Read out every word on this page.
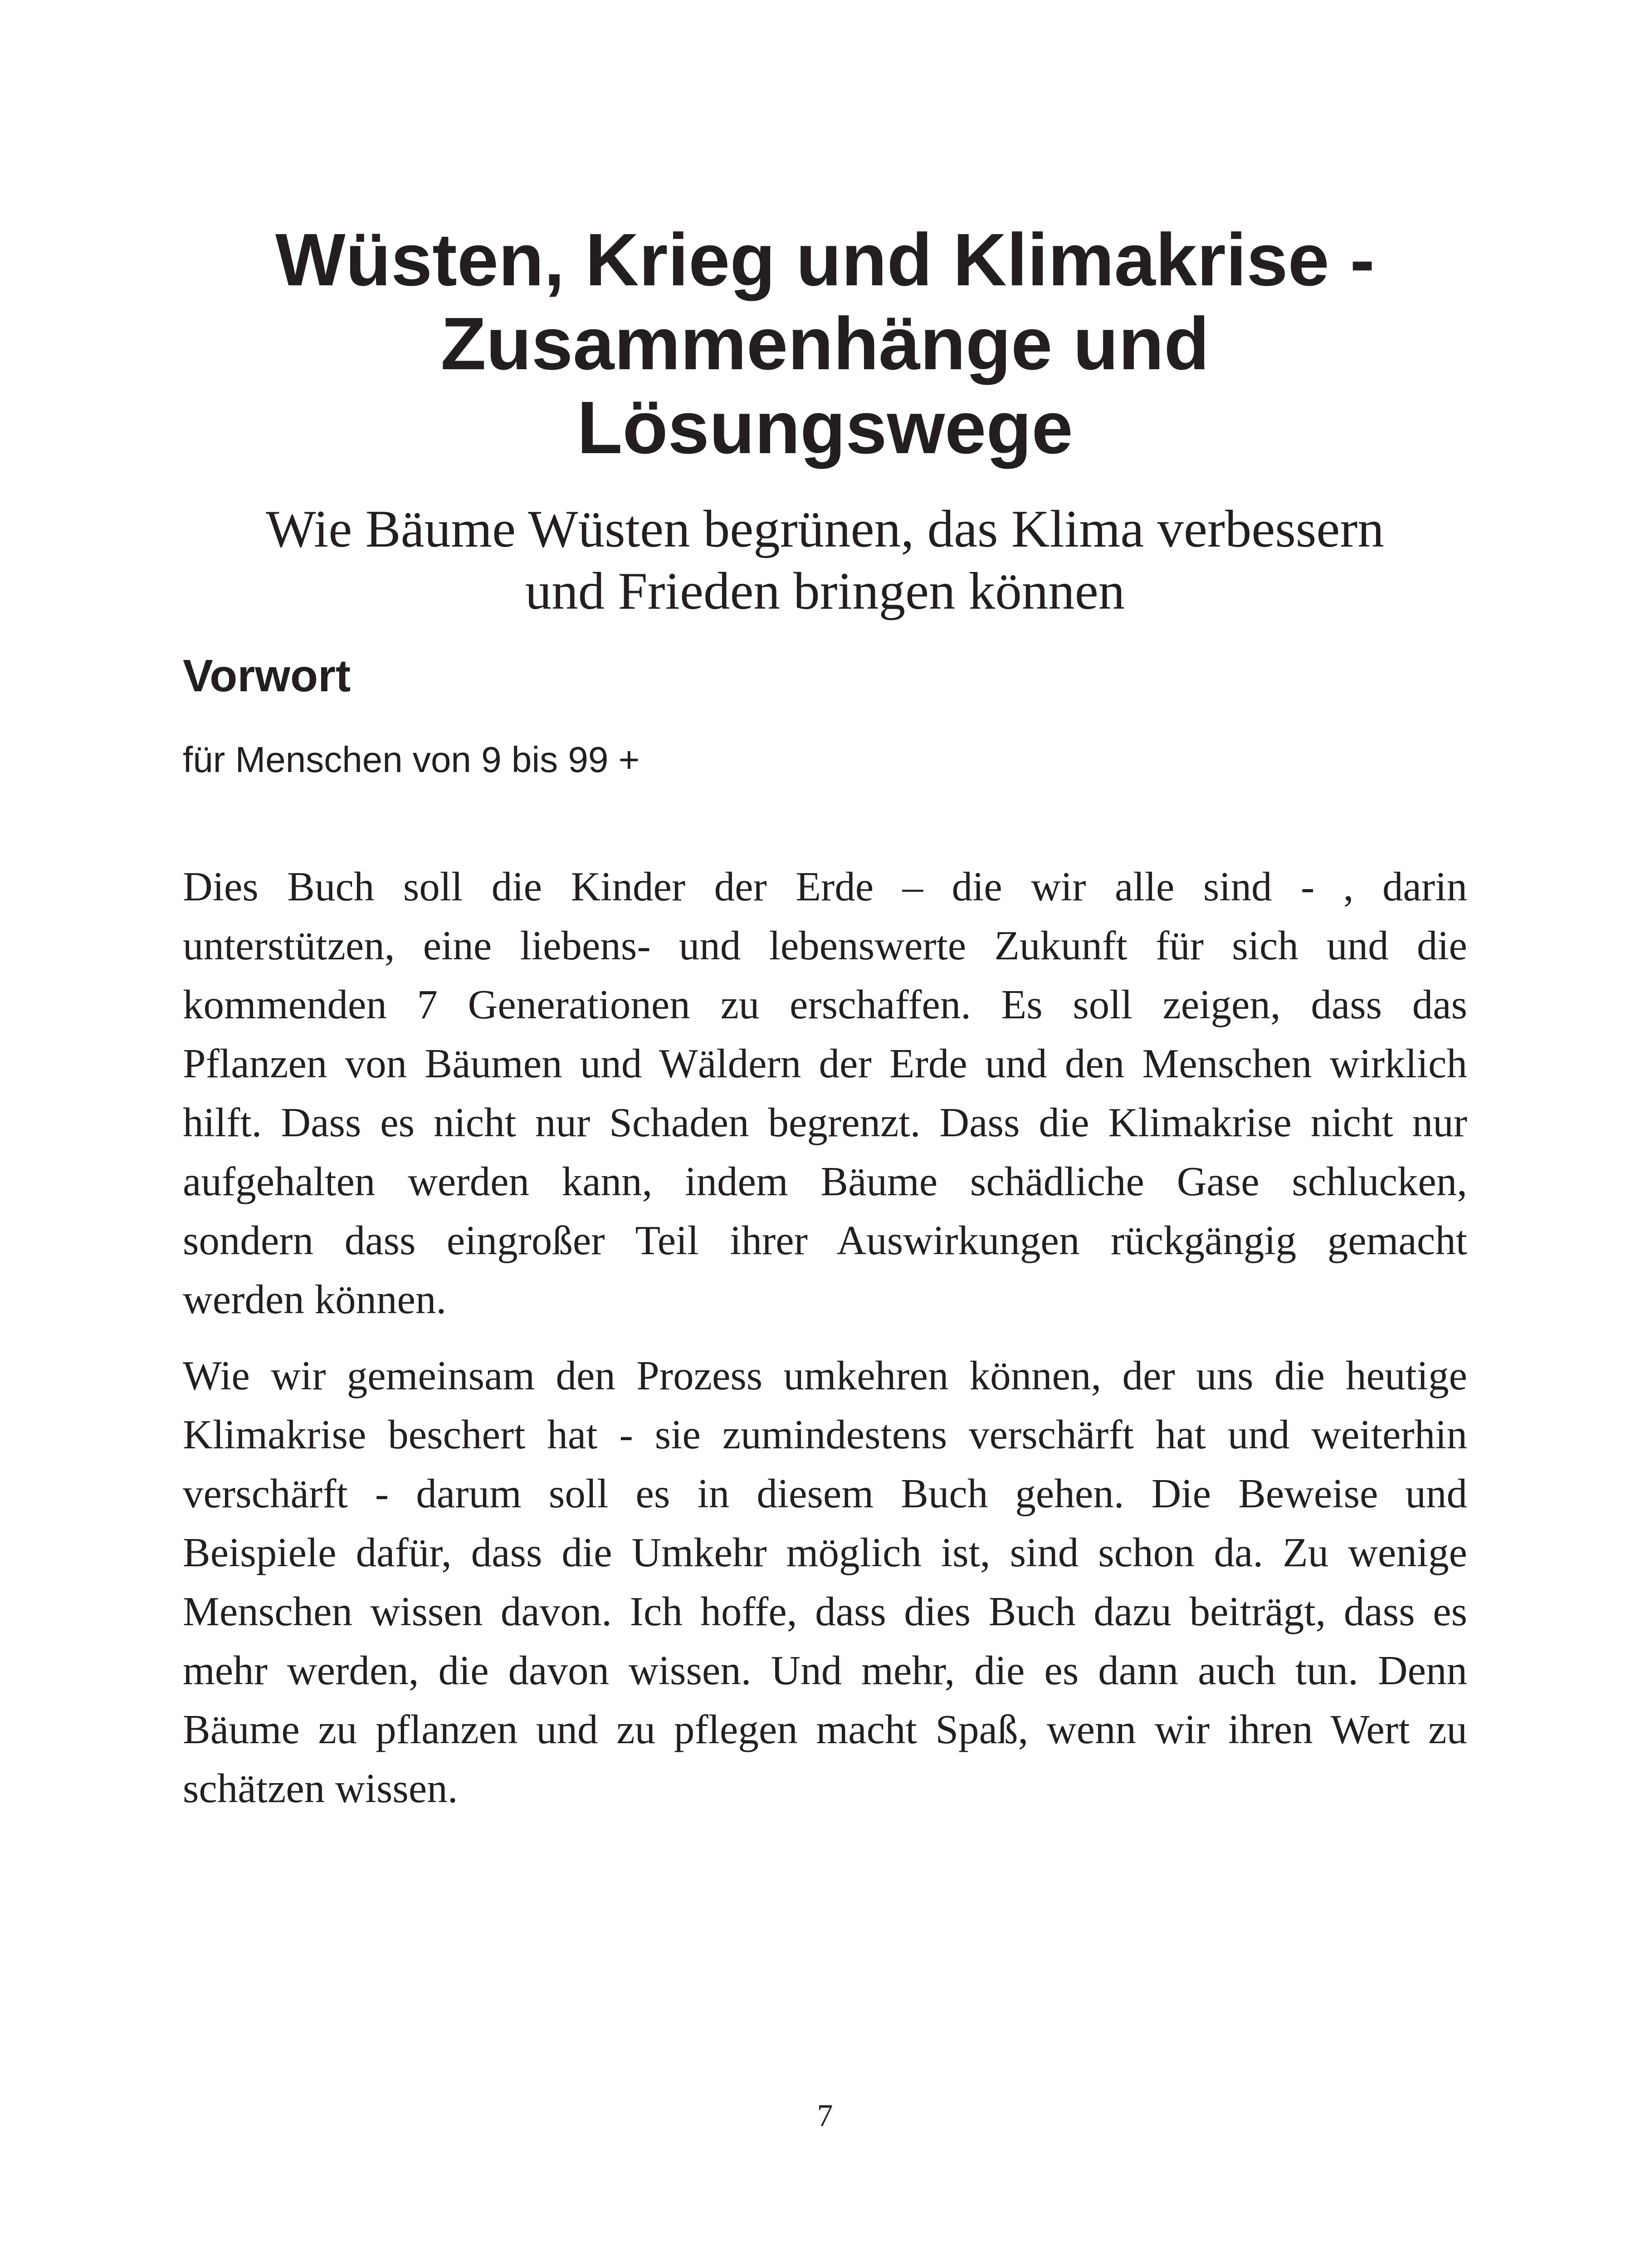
Wüsten, Krieg und Klimakrise -
Zusammenhänge und
Lösungswege
Wie Bäume Wüsten begrünen, das Klima verbessern
und Frieden bringen können
Vorwort

für Menschen von 9 bis 99 +

Dies Buch soll die Kinder der Erde – die wir alle sind - , darin
unterstützen, eine liebens- und lebenswerte Zukunft für sich und die
kommenden 7 Generationen zu erschaffen. Es soll zeigen, dass das
Pflanzen von Bäumen und Wäldern der Erde und den Menschen wirklich
hilft. Dass es nicht nur Schaden begrenzt. Dass die Klimakrise nicht nur
aufgehalten werden kann, indem Bäume schädliche Gase schlucken,
sondern dass eingroßer Teil ihrer Auswirkungen rückgängig gemacht
werden können.
Wie wir gemeinsam den Prozess umkehren können, der uns die heutige
Klimakrise beschert hat - sie zumindestens verschärft hat und weiterhin
verschärft - darum soll es in diesem Buch gehen. Die Beweise und
Beispiele dafür, dass die Umkehr möglich ist, sind schon da. Zu wenige
Menschen wissen davon. Ich hoffe, dass dies Buch dazu beiträgt, dass es
mehr werden, die davon wissen. Und mehr, die es dann auch tun. Denn
Bäume zu pflanzen und zu pflegen macht Spaß, wenn wir ihren Wert zu
schätzen wissen.
7
